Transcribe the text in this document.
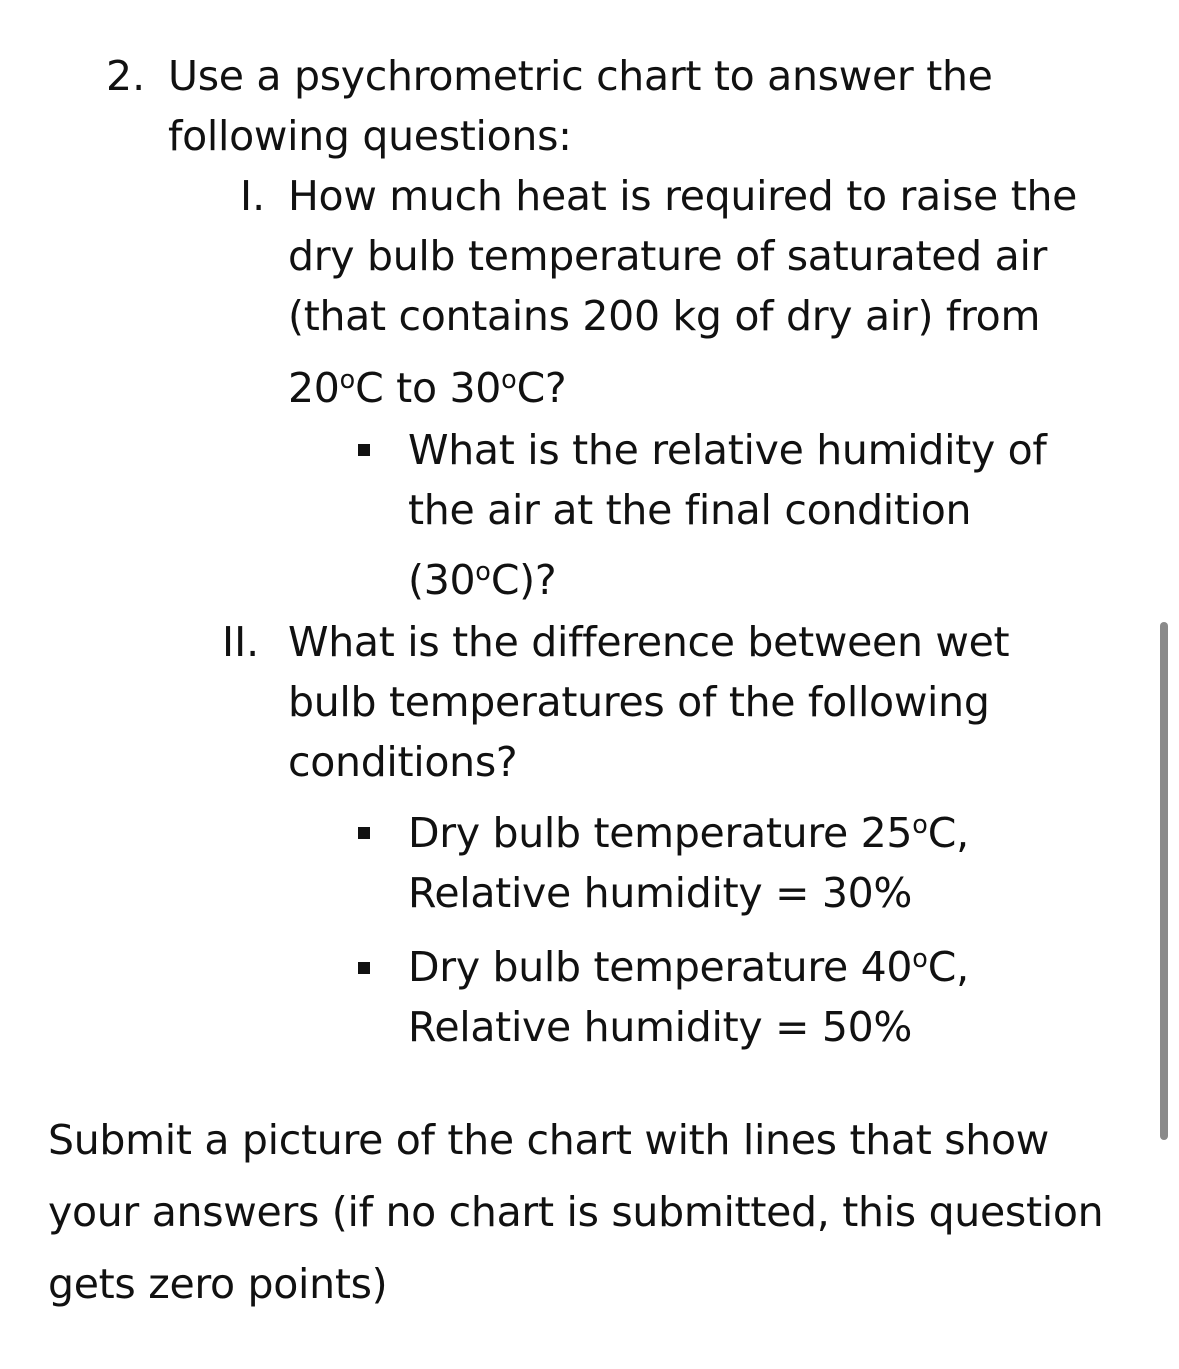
2. Use a psychrometric chart to answer the
following questions:
I. How much heat is required to raise the
dry bulb temperature of saturated air
(that contains 200 kg of dry air) from
20$^o$C to 30$^o$C?
What is the relative humidity of
the air at the final condition
(30$^o$C)?
II. What is the difference between wet
bulb temperatures of the following
conditions?
Dry bulb temperature 25$^o$C,
Relative humidity = 30%
Dry bulb temperature 40$^o$C,
Relative humidity = 50%
Submit a picture of the chart with lines that show
your answers (if no chart is submitted, this question
gets zero points)
